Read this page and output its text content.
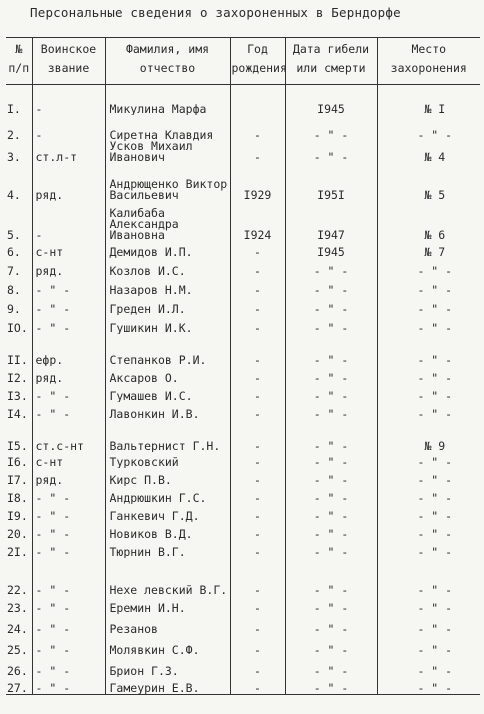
Персональные сведения о захороненных в Берндорфе
№ п/п	Воинское звание	Фамилия, имя отчество	Год рождения	Дата гибели или смерти	Место захоронения
I.	-	Микулина Марфа		I945	№ I
2.	-	Сиретна Клавдия	-	- " -	- " -
3.	ст.л-т	Усков Михаил Иванович	-	- " -	№ 4
4.	ряд.	Андрющенко Виктор Васильевич	I929	I95I	№ 5
5.	-	Калибаба Александра Ивановна	I924	I947	№ 6
6.	с-нт	Демидов И.П.	-	I945	№ 7
7.	ряд.	Козлов И.С.	-	- " -	- " -
8.	- " -	Назаров Н.М.	-	- " -	- " -
9.	- " -	Греден И.Л.	-	- " -	- " -
IO.	- " -	Гушикин И.К.	-	- " -	- " -
II.	ефр.	Степанков Р.И.	-	- " -	- " -
I2.	ряд.	Аксаров О.	-	- " -	- " -
I3.	- " -	Гумашев И.С.	-	- " -	- " -
I4.	- " -	Лавонкин И.В.	-	- " -	- " -
I5.	ст.с-нт	Вальтернист Г.Н.	-	- " -	№ 9
I6.	с-нт	Турковский	-	- " -	- " -
I7.	ряд.	Кирс П.В.	-	- " -	- " -
I8.	- " -	Андрюшкин Г.С.	-	- " -	- " -
I9.	- " -	Ганкевич Г.Д.	-	- " -	- " -
20.	- " -	Новиков В.Д.	-	- " -	- " -
2I.	- " -	Тюрнин В.Г.	-	- " -	- " -
22.	- " -	Нехе левский В.Г.	-	- " -	- " -
23.	- " -	Еремин И.Н.	-	- " -	- " -
24.	- " -	Резанов	-	- " -	- " -
25.	- " -	Молявкин С.Ф.	-	- " -	- " -
26.	- " -	Брион Г.З.	-	- " -	- " -
27.	- " -	Гамеурин Е.В.	-	- " -	- " -
